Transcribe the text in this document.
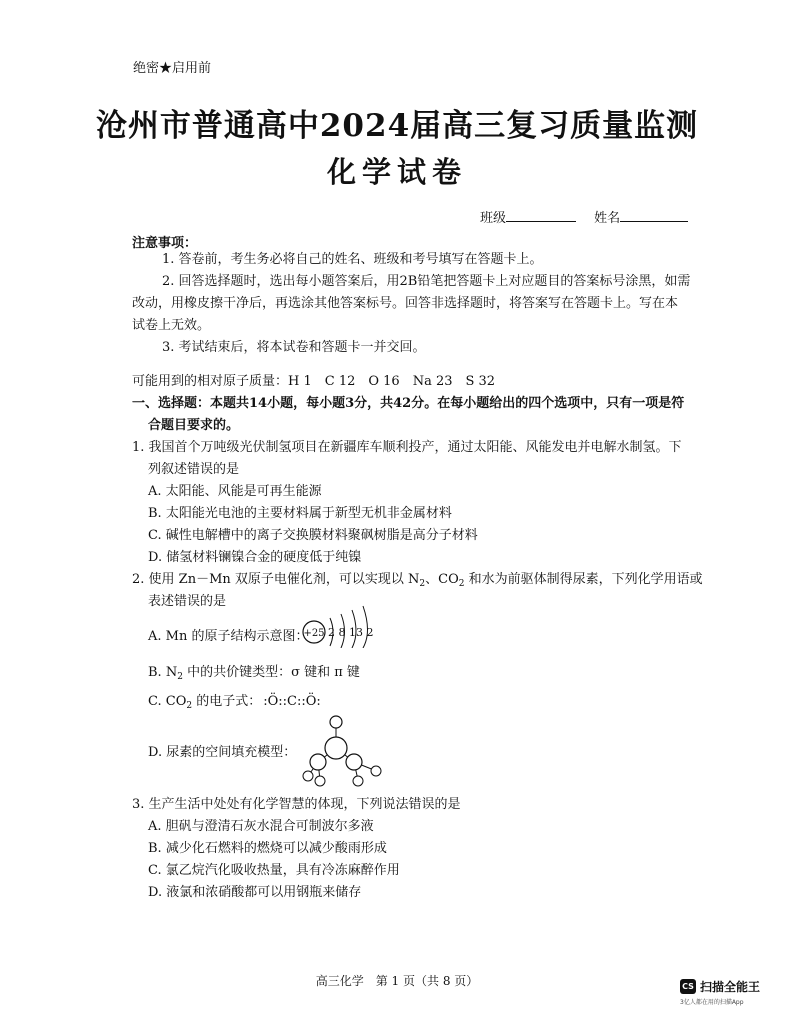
绝密★启用前
沧州市普通高中2024届高三复习质量监测
化学试卷
班级	姓名
注意事项：
1. 答卷前，考生务必将自己的姓名、班级和考号填写在答题卡上。
2. 回答选择题时，选出每小题答案后，用2B铅笔把答题卡上对应题目的答案标号涂黑，如需
改动，用橡皮擦干净后，再选涂其他答案标号。回答非选择题时，将答案写在答题卡上。写在本
试卷上无效。
3. 考试结束后，将本试卷和答题卡一并交回。
可能用到的相对原子质量：H 1　C 12　O 16　Na 23　S 32
一、选择题：本题共14小题，每小题3分，共42分。在每小题给出的四个选项中，只有一项是符
合题目要求的。
1. 我国首个万吨级光伏制氢项目在新疆库车顺利投产，通过太阳能、风能发电并电解水制氢。下
列叙述错误的是
A. 太阳能、风能是可再生能源
B. 太阳能光电池的主要材料属于新型无机非金属材料
C. 碱性电解槽中的离子交换膜材料聚砜树脂是高分子材料
D. 储氢材料镧镍合金的硬度低于纯镍
2. 使用 Zn－Mn 双原子电催化剂，可以实现以 $N_2$、$CO_2$ 和水为前驱体制得尿素，下列化学用语或
表述错误的是
A. Mn 的原子结构示意图：
+25 2 8 13 2
B. $N_2$ 中的共价键类型：σ 键和 π 键
C. $CO_2$ 的电子式： :Ö::C::Ö:
D. 尿素的空间填充模型：
3. 生产生活中处处有化学智慧的体现，下列说法错误的是
A. 胆矾与澄清石灰水混合可制波尔多液
B. 减少化石燃料的燃烧可以减少酸雨形成
C. 氯乙烷汽化吸收热量，具有冷冻麻醉作用
D. 液氯和浓硝酸都可以用钢瓶来储存
高三化学　第 1 页（共 8 页）	CS 扫描全能王
3亿人都在用的扫描App
